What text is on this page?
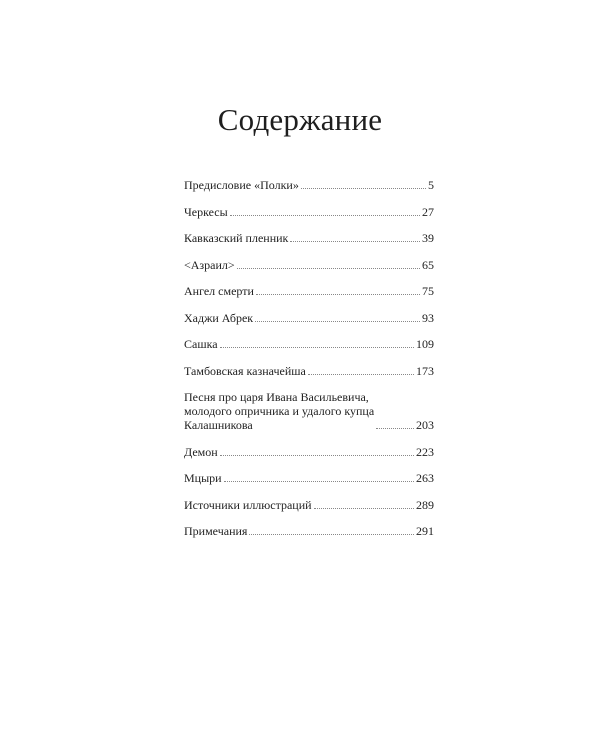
Содержание
Предисловие «Полки»	5
Черкесы	27
Кавказский пленник	39
<Азраил>	65
Ангел смерти	75
Хаджи Абрек	93
Сашка	109
Тамбовская казначейша	173
Песня про царя Ивана Васильевича,
молодого опричника и удалого купца
Калашникова	203
Демон	223
Мцыри	263
Источники иллюстраций	289
Примечания	291
